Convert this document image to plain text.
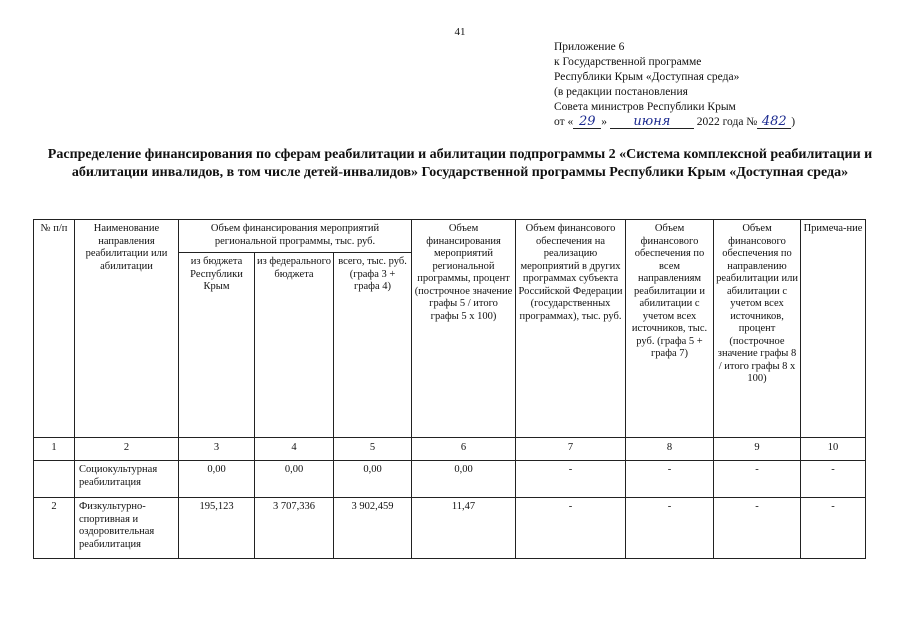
41
Приложение 6
к Государственной программе
Республики Крым «Доступная среда»
(в редакции постановления
Совета министров Республики Крым
от « 29 » июня 2022 года № 482 )
Распределение финансирования по сферам реабилитации и абилитации подпрограммы 2 «Система комплексной реабилитации и абилитации инвалидов, в том числе детей-инвалидов» Государственной программы Республики Крым «Доступная среда»
№ п/п	Наименование направления реабилитации или абилитации	Объем финансирования мероприятий региональной программы, тыс. руб.			Объем финансирования мероприятий региональной программы, процент (построчное значение графы 5 / итого графы 5 х 100)	Объем финансового обеспечения на реализацию мероприятий в других программах субъекта Российской Федерации (государственных программах), тыс. руб.	Объем финансового обеспечения по всем направлениям реабилитации и абилитации с учетом всех источников, тыс. руб. (графа 5 + графа 7)	Объем финансового обеспечения по направлению реабилитации или абилитации с учетом всех источников, процент (построчное значение графы 8 / итого графы 8 х 100)	Примеча-ние
		из бюджета Республики Крым	из федерального бюджета	всего, тыс. руб. (графа 3 + графа 4)					
1	2	3	4	5	6	7	8	9	10
	Социокультурная реабилитация	0,00	0,00	0,00	0,00	-	-	-	-
2	Физкультурно-спортивная и оздоровительная реабилитация	195,123	3 707,336	3 902,459	11,47	-	-	-	-
